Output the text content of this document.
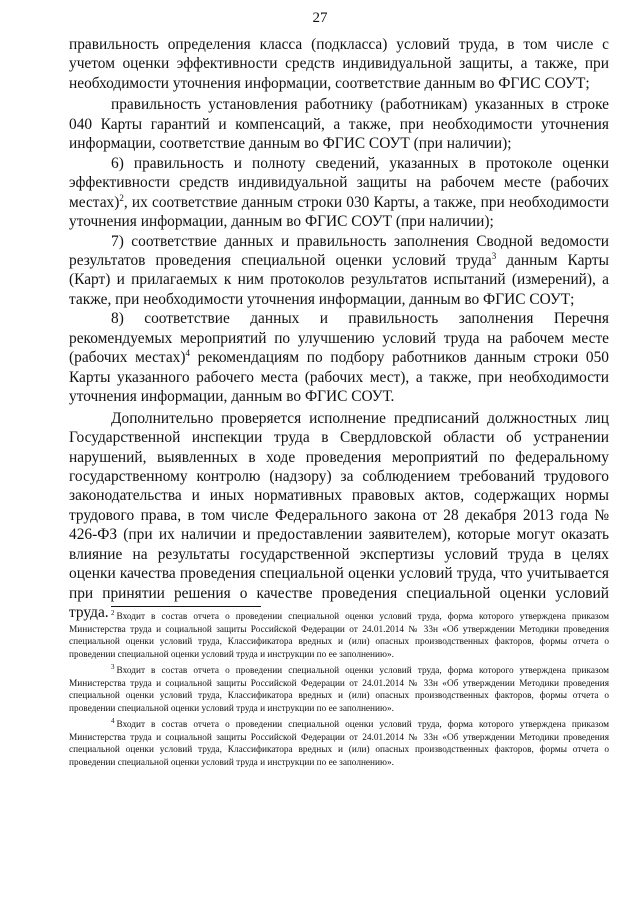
27

правильность определения класса (подкласса) условий труда, в том числе с учетом оценки эффективности средств индивидуальной защиты, а также, при необходимости уточнения информации, соответствие данным во ФГИС СОУТ;

правильность установления работнику (работникам) указанных в строке 040 Карты гарантий и компенсаций, а также, при необходимости уточнения информации, соответствие данным во ФГИС СОУТ (при наличии);

6) правильность и полноту сведений, указанных в протоколе оценки эффективности средств индивидуальной защиты на рабочем месте (рабочих местах)$^2$, их соответствие данным строки 030 Карты, а также, при необходимости уточнения информации, данным во ФГИС СОУТ (при наличии);

7) соответствие данных и правильность заполнения Сводной ведомости результатов проведения специальной оценки условий труда$^3$ данным Карты (Карт) и прилагаемых к ним протоколов результатов испытаний (измерений), а также, при необходимости уточнения информации, данным во ФГИС СОУТ;

8) соответствие данных и правильность заполнения Перечня рекомендуемых мероприятий по улучшению условий труда на рабочем месте (рабочих местах)$^4$ рекомендациям по подбору работников данным строки 050 Карты указанного рабочего места (рабочих мест), а также, при необходимости уточнения информации, данным во ФГИС СОУТ.

Дополнительно проверяется исполнение предписаний должностных лиц Государственной инспекции труда в Свердловской области об устранении нарушений, выявленных в ходе проведения мероприятий по федеральному государственному контролю (надзору) за соблюдением требований трудового законодательства и иных нормативных правовых актов, содержащих нормы трудового права, в том числе Федерального закона от 28 декабря 2013 года № 426-ФЗ (при их наличии и предоставлении заявителем), которые могут оказать влияние на результаты государственной экспертизы условий труда в целях оценки качества проведения специальной оценки условий труда, что учитывается при принятии решения о качестве проведения специальной оценки условий труда. $^2$ Входит в состав отчета о проведении специальной оценки условий труда, форма которого утверждена приказом Министерства труда и социальной защиты Российской Федерации от 24.01.2014 № 33н «Об утверждении Методики проведения специальной оценки условий труда, Классификатора вредных и (или) опасных производственных факторов, формы отчета о проведении специальной оценки условий труда и инструкции по ее заполнению».

$^3$ Входит в состав отчета о проведении специальной оценки условий труда, форма которого утверждена приказом Министерства труда и социальной защиты Российской Федерации от 24.01.2014 № 33н «Об утверждении Методики проведения специальной оценки условий труда, Классификатора вредных и (или) опасных производственных факторов, формы отчета о проведении специальной оценки условий труда и инструкции по ее заполнению».

$^4$ Входит в состав отчета о проведении специальной оценки условий труда, форма которого утверждена приказом Министерства труда и социальной защиты Российской Федерации от 24.01.2014 № 33н «Об утверждении Методики проведения специальной оценки условий труда, Классификатора вредных и (или) опасных производственных факторов, формы отчета о проведении специальной оценки условий труда и инструкции по ее заполнению».
